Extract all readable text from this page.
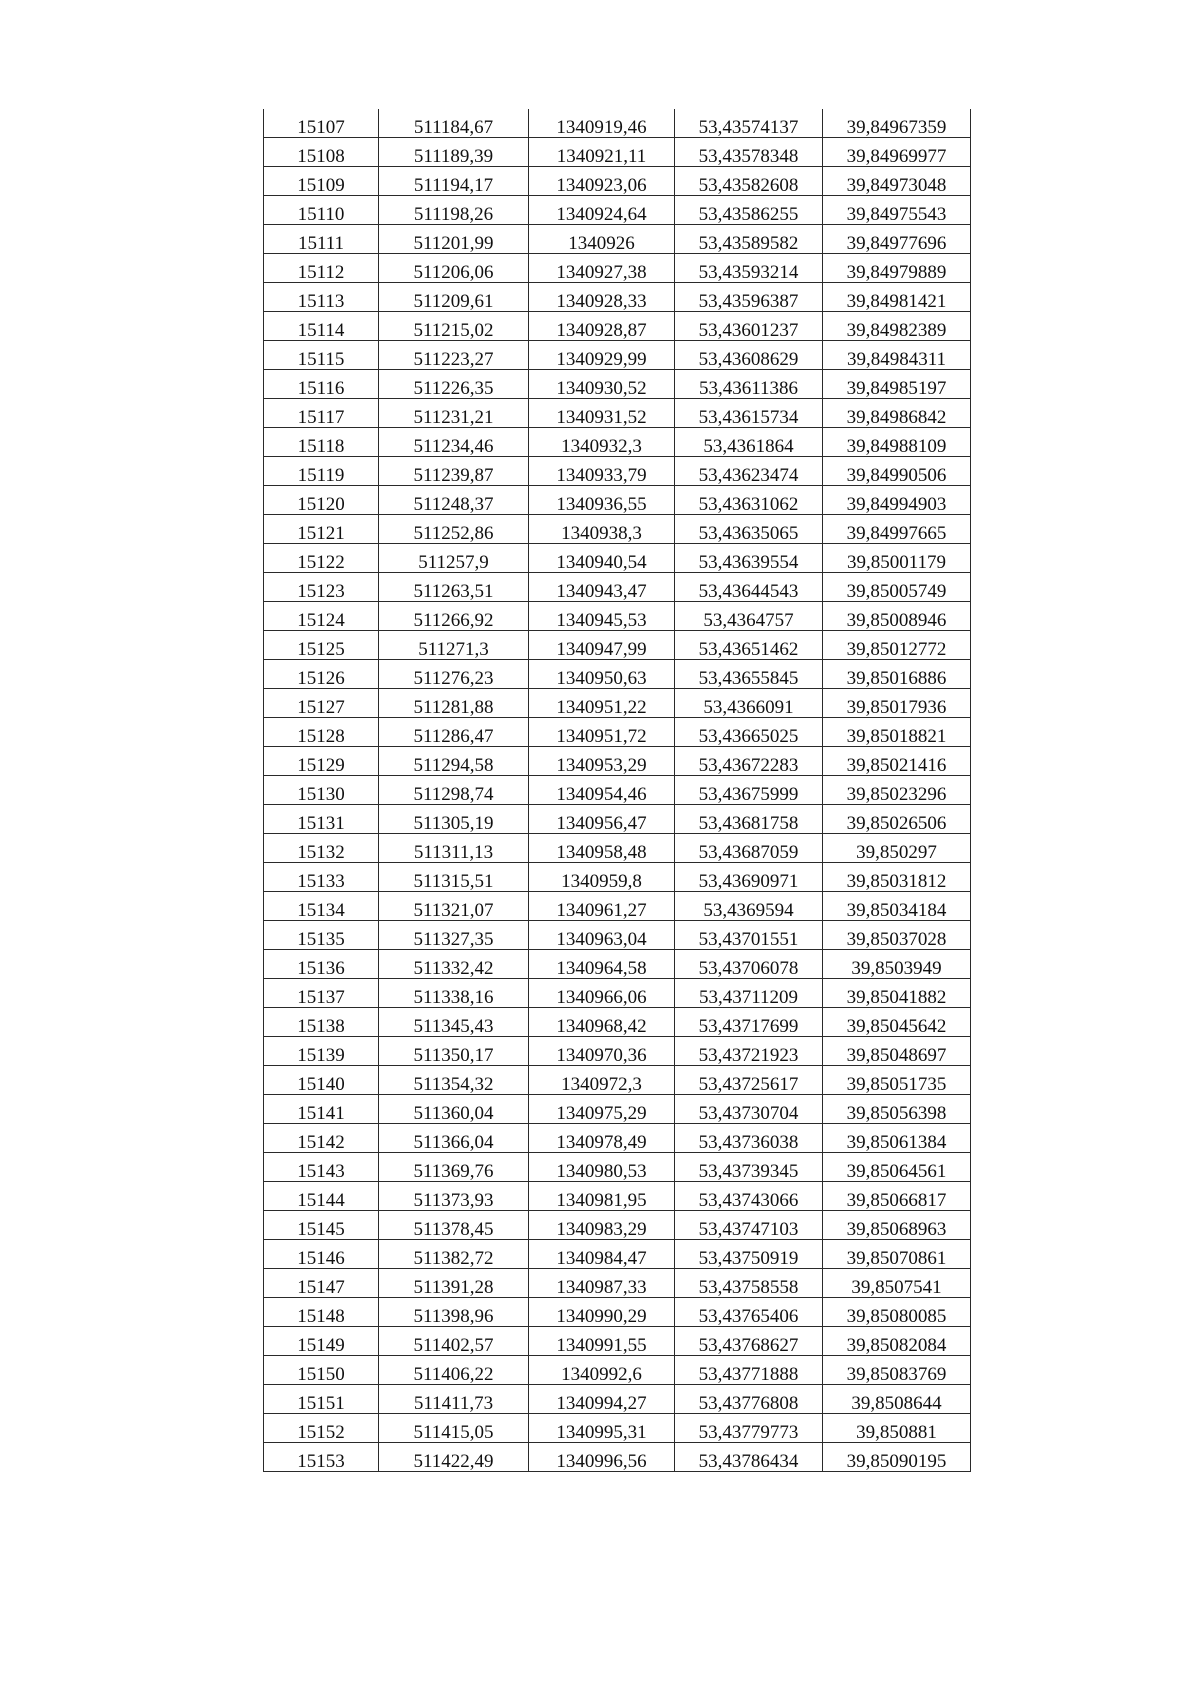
15107	511184,67	1340919,46	53,43574137	39,84967359
15108	511189,39	1340921,11	53,43578348	39,84969977
15109	511194,17	1340923,06	53,43582608	39,84973048
15110	511198,26	1340924,64	53,43586255	39,84975543
15111	511201,99	1340926	53,43589582	39,84977696
15112	511206,06	1340927,38	53,43593214	39,84979889
15113	511209,61	1340928,33	53,43596387	39,84981421
15114	511215,02	1340928,87	53,43601237	39,84982389
15115	511223,27	1340929,99	53,43608629	39,84984311
15116	511226,35	1340930,52	53,43611386	39,84985197
15117	511231,21	1340931,52	53,43615734	39,84986842
15118	511234,46	1340932,3	53,4361864	39,84988109
15119	511239,87	1340933,79	53,43623474	39,84990506
15120	511248,37	1340936,55	53,43631062	39,84994903
15121	511252,86	1340938,3	53,43635065	39,84997665
15122	511257,9	1340940,54	53,43639554	39,85001179
15123	511263,51	1340943,47	53,43644543	39,85005749
15124	511266,92	1340945,53	53,4364757	39,85008946
15125	511271,3	1340947,99	53,43651462	39,85012772
15126	511276,23	1340950,63	53,43655845	39,85016886
15127	511281,88	1340951,22	53,4366091	39,85017936
15128	511286,47	1340951,72	53,43665025	39,85018821
15129	511294,58	1340953,29	53,43672283	39,85021416
15130	511298,74	1340954,46	53,43675999	39,85023296
15131	511305,19	1340956,47	53,43681758	39,85026506
15132	511311,13	1340958,48	53,43687059	39,850297
15133	511315,51	1340959,8	53,43690971	39,85031812
15134	511321,07	1340961,27	53,4369594	39,85034184
15135	511327,35	1340963,04	53,43701551	39,85037028
15136	511332,42	1340964,58	53,43706078	39,8503949
15137	511338,16	1340966,06	53,43711209	39,85041882
15138	511345,43	1340968,42	53,43717699	39,85045642
15139	511350,17	1340970,36	53,43721923	39,85048697
15140	511354,32	1340972,3	53,43725617	39,85051735
15141	511360,04	1340975,29	53,43730704	39,85056398
15142	511366,04	1340978,49	53,43736038	39,85061384
15143	511369,76	1340980,53	53,43739345	39,85064561
15144	511373,93	1340981,95	53,43743066	39,85066817
15145	511378,45	1340983,29	53,43747103	39,85068963
15146	511382,72	1340984,47	53,43750919	39,85070861
15147	511391,28	1340987,33	53,43758558	39,8507541
15148	511398,96	1340990,29	53,43765406	39,85080085
15149	511402,57	1340991,55	53,43768627	39,85082084
15150	511406,22	1340992,6	53,43771888	39,85083769
15151	511411,73	1340994,27	53,43776808	39,8508644
15152	511415,05	1340995,31	53,43779773	39,850881
15153	511422,49	1340996,56	53,43786434	39,85090195
